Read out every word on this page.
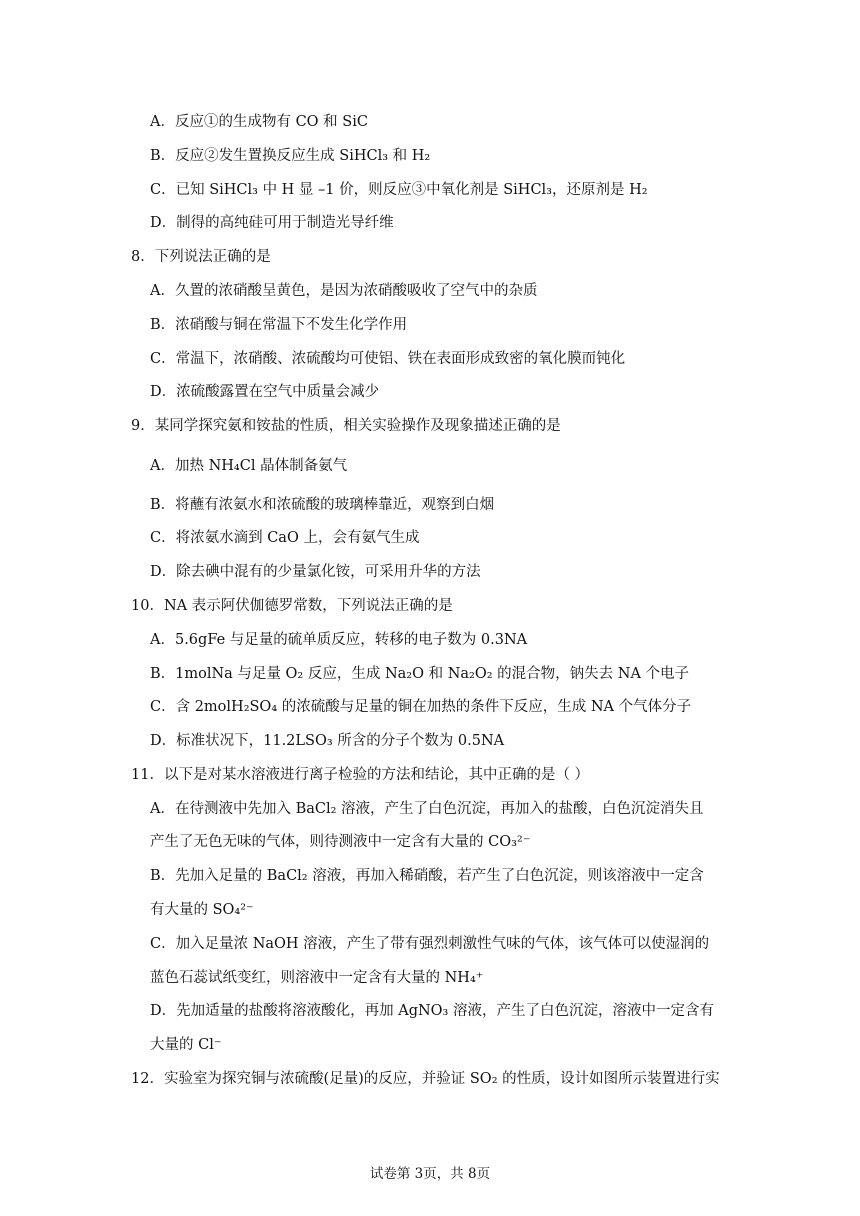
A．反应①的生成物有 CO 和 SiC
B．反应②发生置换反应生成 SiHCl₃ 和 H₂
C．已知 SiHCl₃ 中 H 显 –1 价，则反应③中氧化剂是 SiHCl₃，还原剂是 H₂
D．制得的高纯硅可用于制造光导纤维
8．下列说法正确的是
A．久置的浓硝酸呈黄色，是因为浓硝酸吸收了空气中的杂质
B．浓硝酸与铜在常温下不发生化学作用
C．常温下，浓硝酸、浓硫酸均可使铝、铁在表面形成致密的氧化膜而钝化
D．浓硫酸露置在空气中质量会减少
9．某同学探究氨和铵盐的性质，相关实验操作及现象描述正确的是
A．加热 NH₄Cl 晶体制备氨气
B．将蘸有浓氨水和浓硫酸的玻璃棒靠近，观察到白烟
C．将浓氨水滴到 CaO 上，会有氨气生成
D．除去碘中混有的少量氯化铵，可采用升华的方法
10．NA 表示阿伏伽德罗常数，下列说法正确的是
A．5.6gFe 与足量的硫单质反应，转移的电子数为 0.3NA
B．1molNa 与足量 O₂ 反应，生成 Na₂O 和 Na₂O₂ 的混合物，钠失去 NA 个电子
C．含 2molH₂SO₄ 的浓硫酸与足量的铜在加热的条件下反应，生成 NA 个气体分子
D．标准状况下，11.2LSO₃ 所含的分子个数为 0.5NA
11．以下是对某水溶液进行离子检验的方法和结论，其中正确的是（ ）
A．在待测液中先加入 BaCl₂ 溶液，产生了白色沉淀，再加入的盐酸，白色沉淀消失且
产生了无色无味的气体，则待测液中一定含有大量的 CO₃²⁻
B．先加入足量的 BaCl₂ 溶液，再加入稀硝酸，若产生了白色沉淀，则该溶液中一定含
有大量的 SO₄²⁻
C．加入足量浓 NaOH 溶液，产生了带有强烈刺激性气味的气体，该气体可以使湿润的
蓝色石蕊试纸变红，则溶液中一定含有大量的 NH₄⁺
D．先加适量的盐酸将溶液酸化，再加 AgNO₃ 溶液，产生了白色沉淀，溶液中一定含有
大量的 Cl⁻
12．实验室为探究铜与浓硫酸(足量)的反应，并验证 SO₂ 的性质，设计如图所示装置进行实
试卷第 3页，共 8页
